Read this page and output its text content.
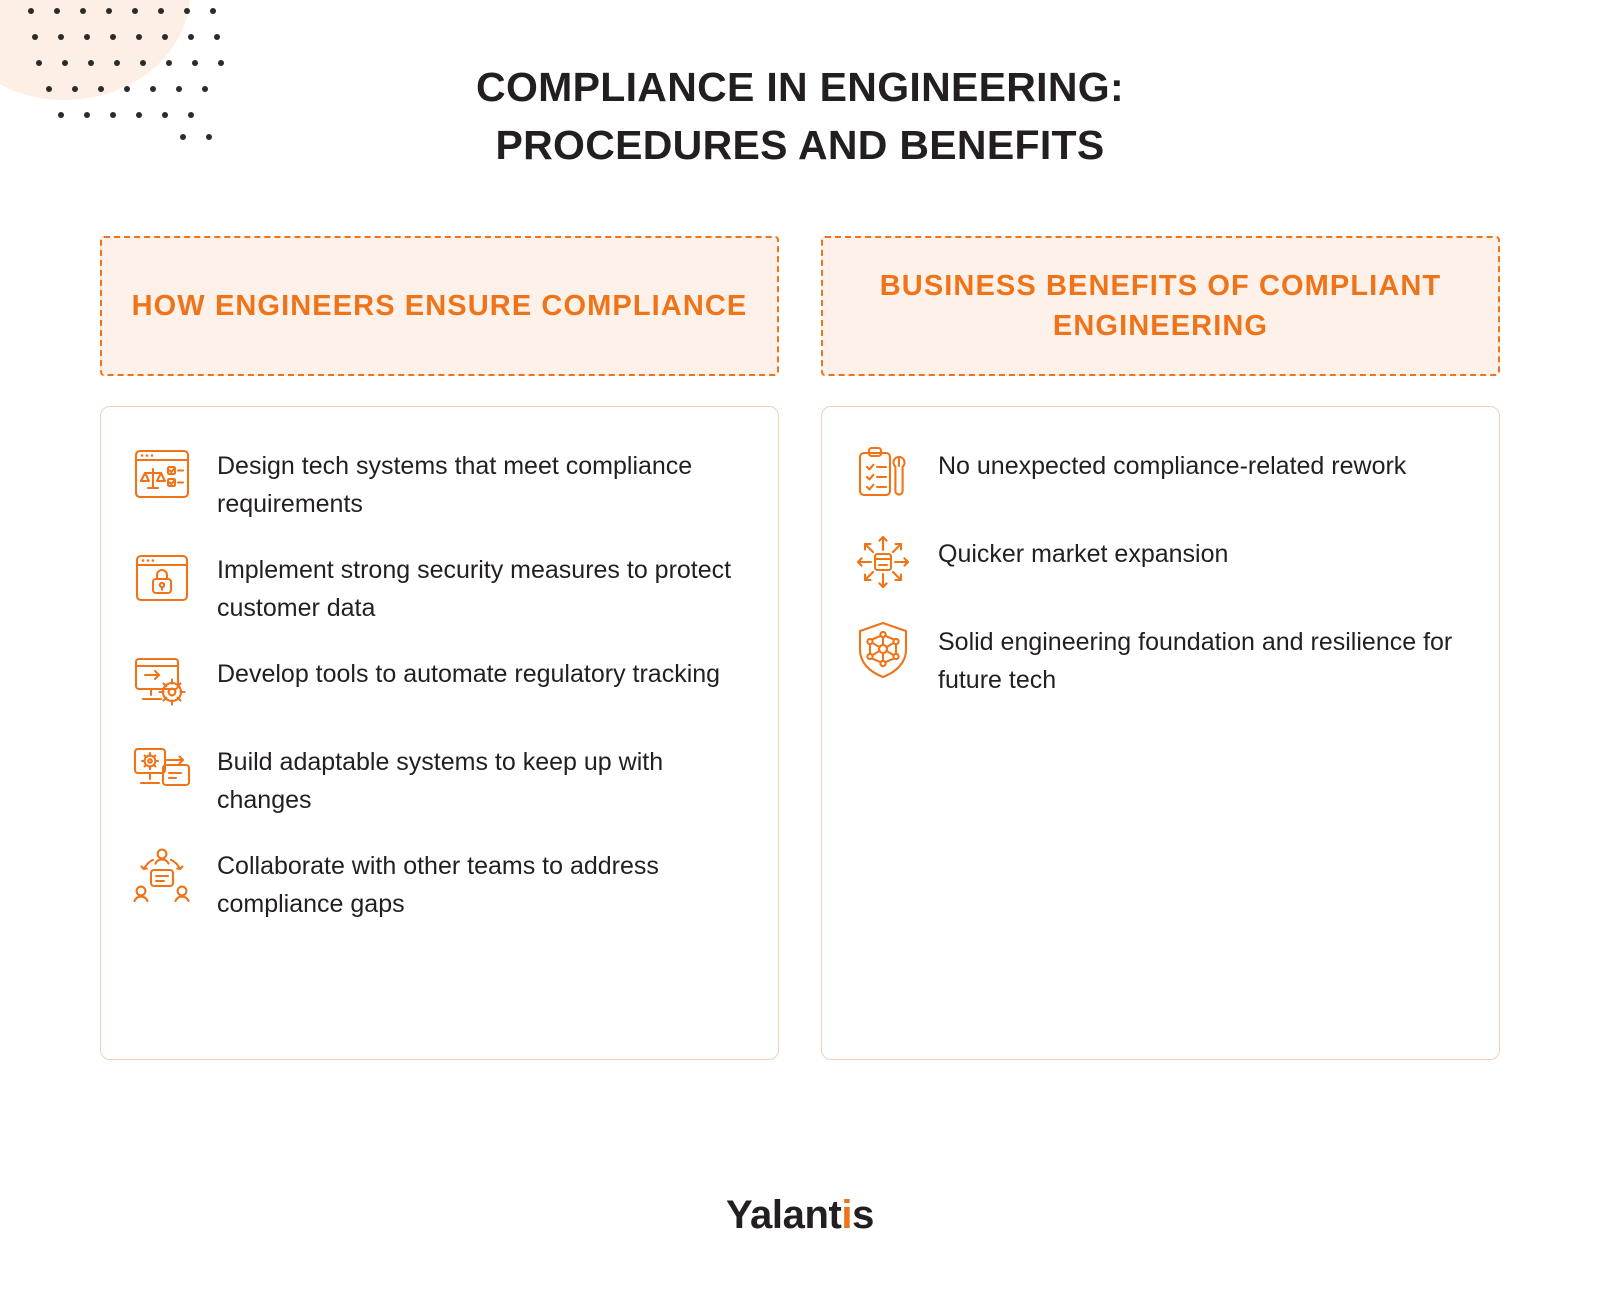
COMPLIANCE IN ENGINEERING:
PROCEDURES AND BENEFITS
HOW ENGINEERS ENSURE COMPLIANCE
Design tech systems that meet compliance requirements
Implement strong security measures to protect customer data
Develop tools to automate regulatory tracking
Build adaptable systems to keep up with changes
Collaborate with other teams to address compliance gaps
BUSINESS BENEFITS OF COMPLIANT ENGINEERING
No unexpected compliance-related rework
Quicker market expansion
Solid engineering foundation and resilience for future tech
Yalantis
